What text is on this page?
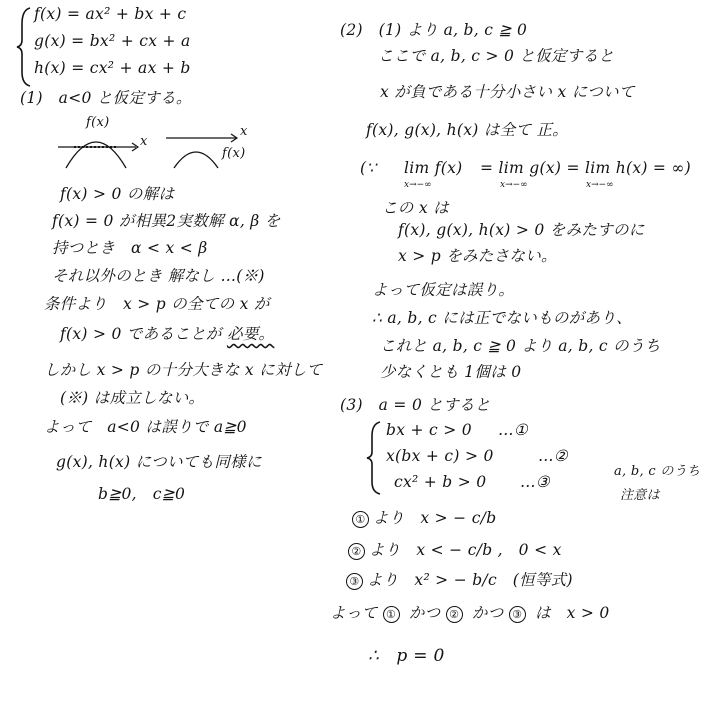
f(x) = ax² + bx + c
g(x) = bx² + cx + a
h(x) = cx² + ax + b
(1)　a<0 と仮定する。
f(x)
x
x
f(x)
f(x) > 0 の解は
f(x) = 0 が相異2実数解 α, β を
持つとき　α < x < β
それ以外のとき 解なし …(※)
条件より　x > p の全ての x が
f(x) > 0 であることが 必要。
しかし x > p の十分大きな x に対して
(※) は成立しない。
よって　a<0 は誤りで a≧0
g(x), h(x) についても同様に
b≧0,　c≧0
(2)　(1) より a, b, c ≧ 0
ここで a, b, c > 0 と仮定すると
x が負である十分小さい x について
f(x), g(x), h(x) は全て 正。
(∵ lim f(x) = lim g(x) = lim h(x) = ∞)
x→−∞	x→−∞	x→−∞
この x は
f(x), g(x), h(x) > 0 をみたすのに
x > p をみたさない。
よって仮定は誤り。
∴ a, b, c には正でないものがあり、
これと a, b, c ≧ 0 より a, b, c のうち
少なくとも 1個は 0
(3)　a = 0 とすると
bx + c > 0 …①
x(bx + c) > 0	…②
cx² + b > 0 …③
a, b, c のうち
注意は
① より　x > − c/b
② より　x < − c/b ,　0 < x
③ より　x² > − b/c　(恒等式)
よって ① かつ ② かつ ③ は　x > 0
∴　p = 0
